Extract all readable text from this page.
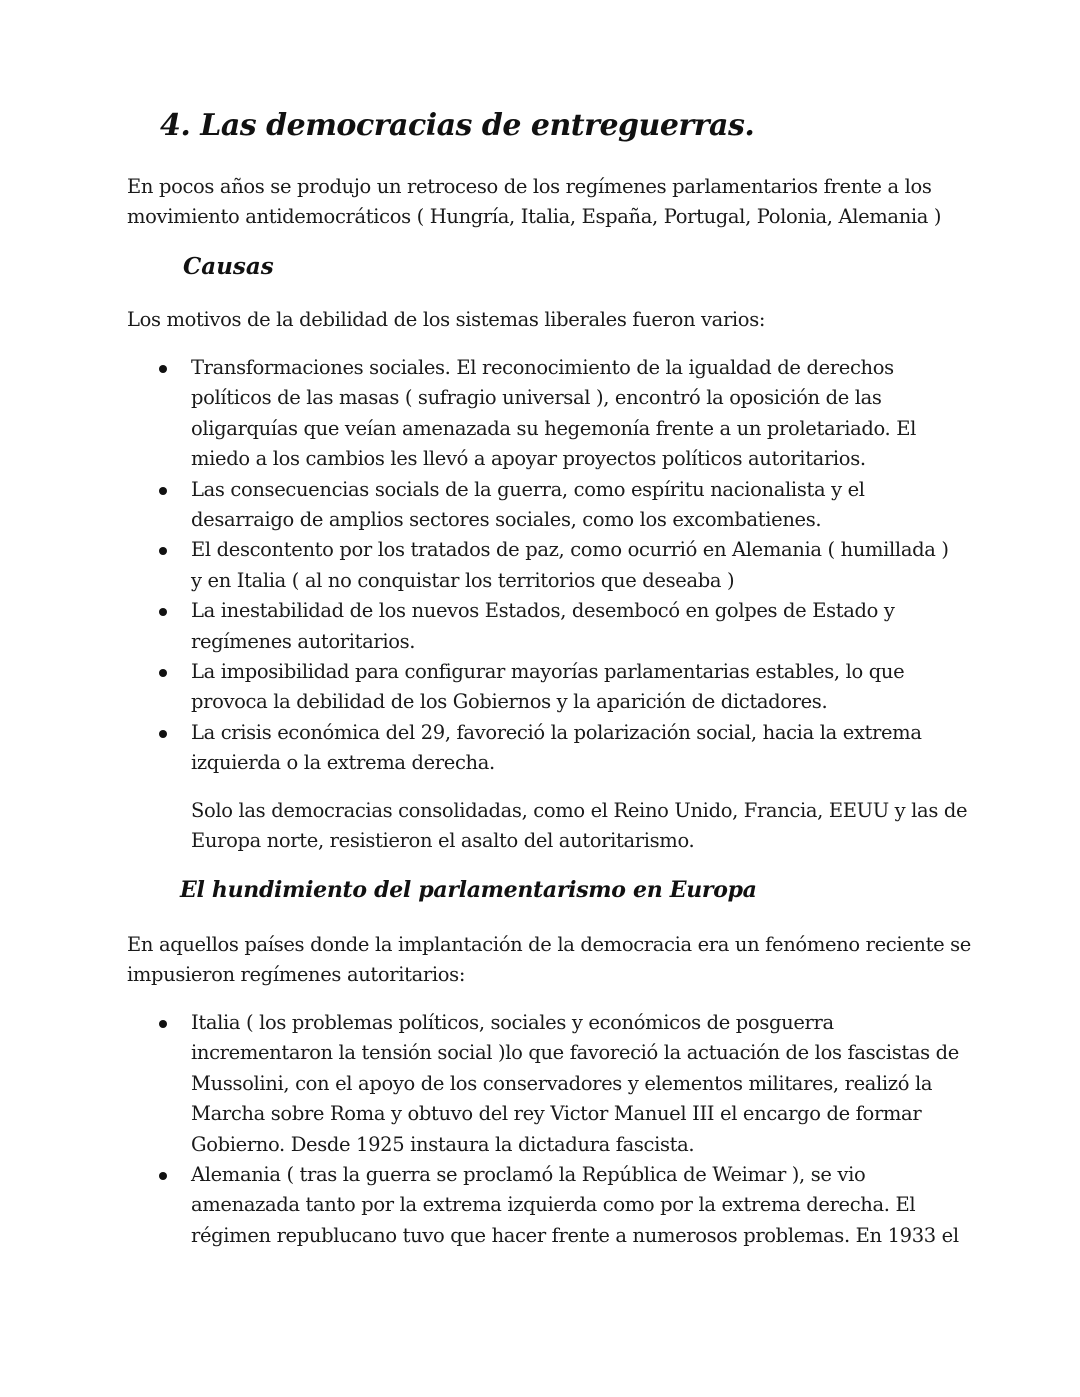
4. Las democracias de entreguerras.

En pocos años se produjo un retroceso de los regímenes parlamentarios frente a los movimiento antidemocráticos ( Hungría, Italia, España, Portugal, Polonia, Alemania )

Causas

Los motivos de la debilidad de los sistemas liberales fueron varios:

Transformaciones sociales. El reconocimiento de la igualdad de derechos políticos de las masas ( sufragio universal ), encontró la oposición de las oligarquías que veían amenazada su hegemonía frente a un proletariado. El miedo a los cambios les llevó a apoyar proyectos políticos autoritarios.
Las consecuencias socials de la guerra, como espíritu nacionalista y el desarraigo de amplios sectores sociales, como los excombatienes.
El descontento por los tratados de paz, como ocurrió en Alemania ( humillada ) y en Italia ( al no conquistar los territorios que deseaba )
La inestabilidad de los nuevos Estados, desembocó en golpes de Estado y regímenes autoritarios.
La imposibilidad para configurar mayorías parlamentarias estables, lo que provoca la debilidad de los Gobiernos y la aparición de dictadores.
La crisis económica del 29, favoreció la polarización social, hacia la extrema izquierda o la extrema derecha.

Solo las democracias consolidadas, como el Reino Unido, Francia, EEUU y las de Europa norte, resistieron el asalto del autoritarismo.

El hundimiento del parlamentarismo en Europa

En aquellos países donde la implantación de la democracia era un fenómeno reciente se impusieron regímenes autoritarios:

Italia ( los problemas políticos, sociales y económicos de posguerra incrementaron la tensión social )lo que favoreció la actuación de los fascistas de Mussolini, con el apoyo de los conservadores y elementos militares, realizó la Marcha sobre Roma y obtuvo del rey Victor Manuel III el encargo de formar Gobierno. Desde 1925 instaura la dictadura fascista.
Alemania ( tras la guerra se proclamó la República de Weimar ), se vio amenazada tanto por la extrema izquierda como por la extrema derecha. El régimen republucano tuvo que hacer frente a numerosos problemas. En 1933 el
